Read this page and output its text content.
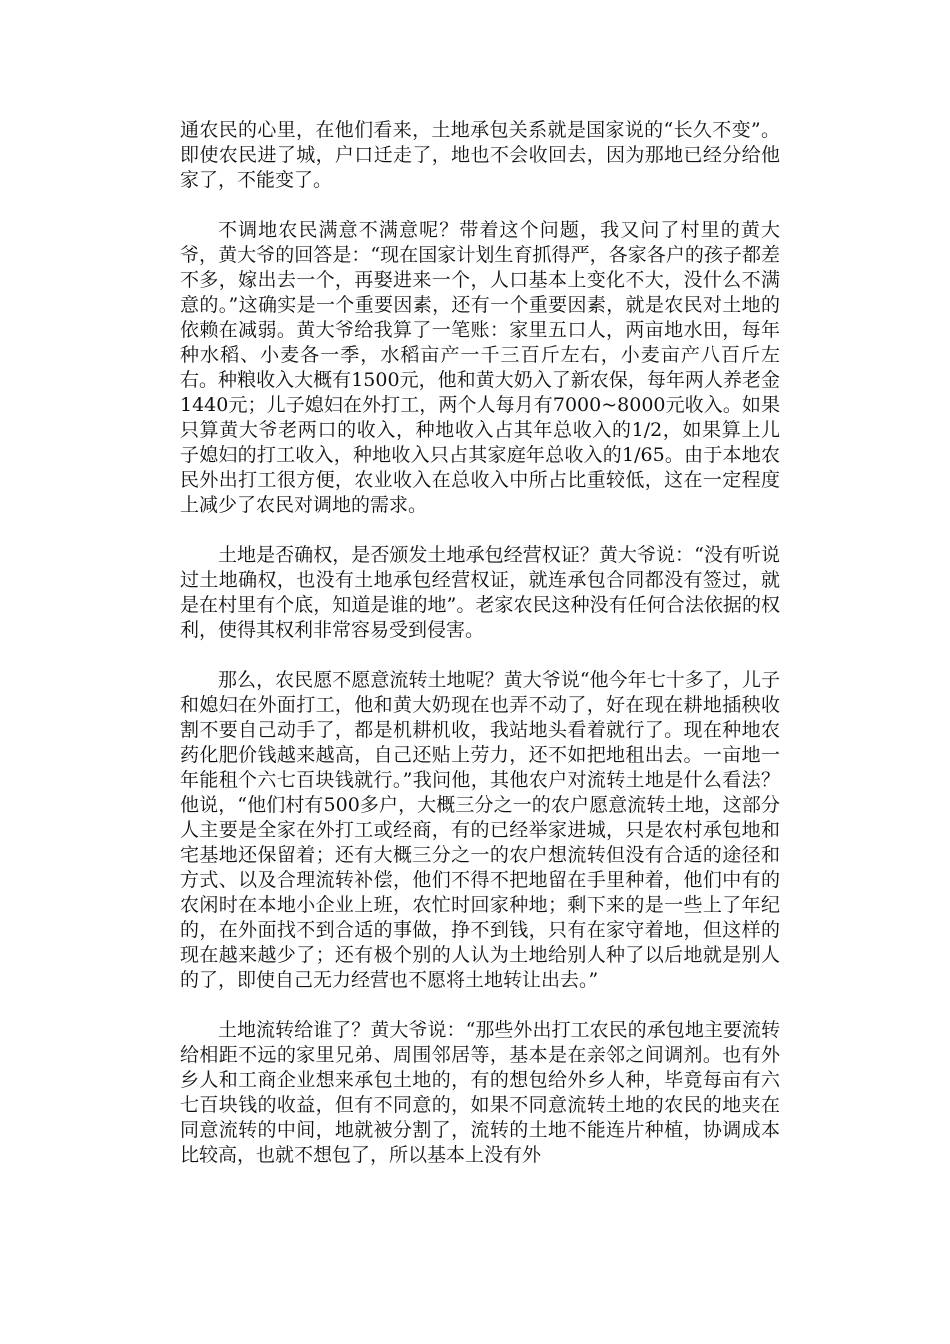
通农民的心里，在他们看来，土地承包关系就是国家说的“长久不变”。即使农民进了城，户口迁走了，地也不会收回去，因为那地已经分给他家了，不能变了。

不调地农民满意不满意呢？带着这个问题，我又问了村里的黄大爷，黄大爷的回答是：“现在国家计划生育抓得严，各家各户的孩子都差不多，嫁出去一个，再娶进来一个，人口基本上变化不大，没什么不满意的。”这确实是一个重要因素，还有一个重要因素，就是农民对土地的依赖在减弱。黄大爷给我算了一笔账：家里五口人，两亩地水田，每年种水稻、小麦各一季，水稻亩产一千三百斤左右，小麦亩产八百斤左右。种粮收入大概有1500元，他和黄大奶入了新农保，每年两人养老金1440元；儿子媳妇在外打工，两个人每月有7000~8000元收入。如果只算黄大爷老两口的收入，种地收入占其年总收入的1/2，如果算上儿子媳妇的打工收入，种地收入只占其家庭年总收入的1/65。由于本地农民外出打工很方便，农业收入在总收入中所占比重较低，这在一定程度上减少了农民对调地的需求。

土地是否确权，是否颁发土地承包经营权证？黄大爷说：“没有听说过土地确权，也没有土地承包经营权证，就连承包合同都没有签过，就是在村里有个底，知道是谁的地”。老家农民这种没有任何合法依据的权利，使得其权利非常容易受到侵害。

那么，农民愿不愿意流转土地呢？黄大爷说“他今年七十多了，儿子和媳妇在外面打工，他和黄大奶现在也弄不动了，好在现在耕地插秧收割不要自己动手了，都是机耕机收，我站地头看着就行了。现在种地农药化肥价钱越来越高，自己还贴上劳力，还不如把地租出去。一亩地一年能租个六七百块钱就行。”我问他，其他农户对流转土地是什么看法？他说，“他们村有500多户，大概三分之一的农户愿意流转土地，这部分人主要是全家在外打工或经商，有的已经举家进城，只是农村承包地和宅基地还保留着；还有大概三分之一的农户想流转但没有合适的途径和方式、以及合理流转补偿，他们不得不把地留在手里种着，他们中有的农闲时在本地小企业上班，农忙时回家种地；剩下来的是一些上了年纪的，在外面找不到合适的事做，挣不到钱，只有在家守着地，但这样的现在越来越少了；还有极个别的人认为土地给别人种了以后地就是别人的了，即使自己无力经营也不愿将土地转让出去。”

土地流转给谁了？黄大爷说：“那些外出打工农民的承包地主要流转给相距不远的家里兄弟、周围邻居等，基本是在亲邻之间调剂。也有外乡人和工商企业想来承包土地的，有的想包给外乡人种，毕竟每亩有六七百块钱的收益，但有不同意的，如果不同意流转土地的农民的地夹在同意流转的中间，地就被分割了，流转的土地不能连片种植，协调成本比较高，也就不想包了，所以基本上没有外
